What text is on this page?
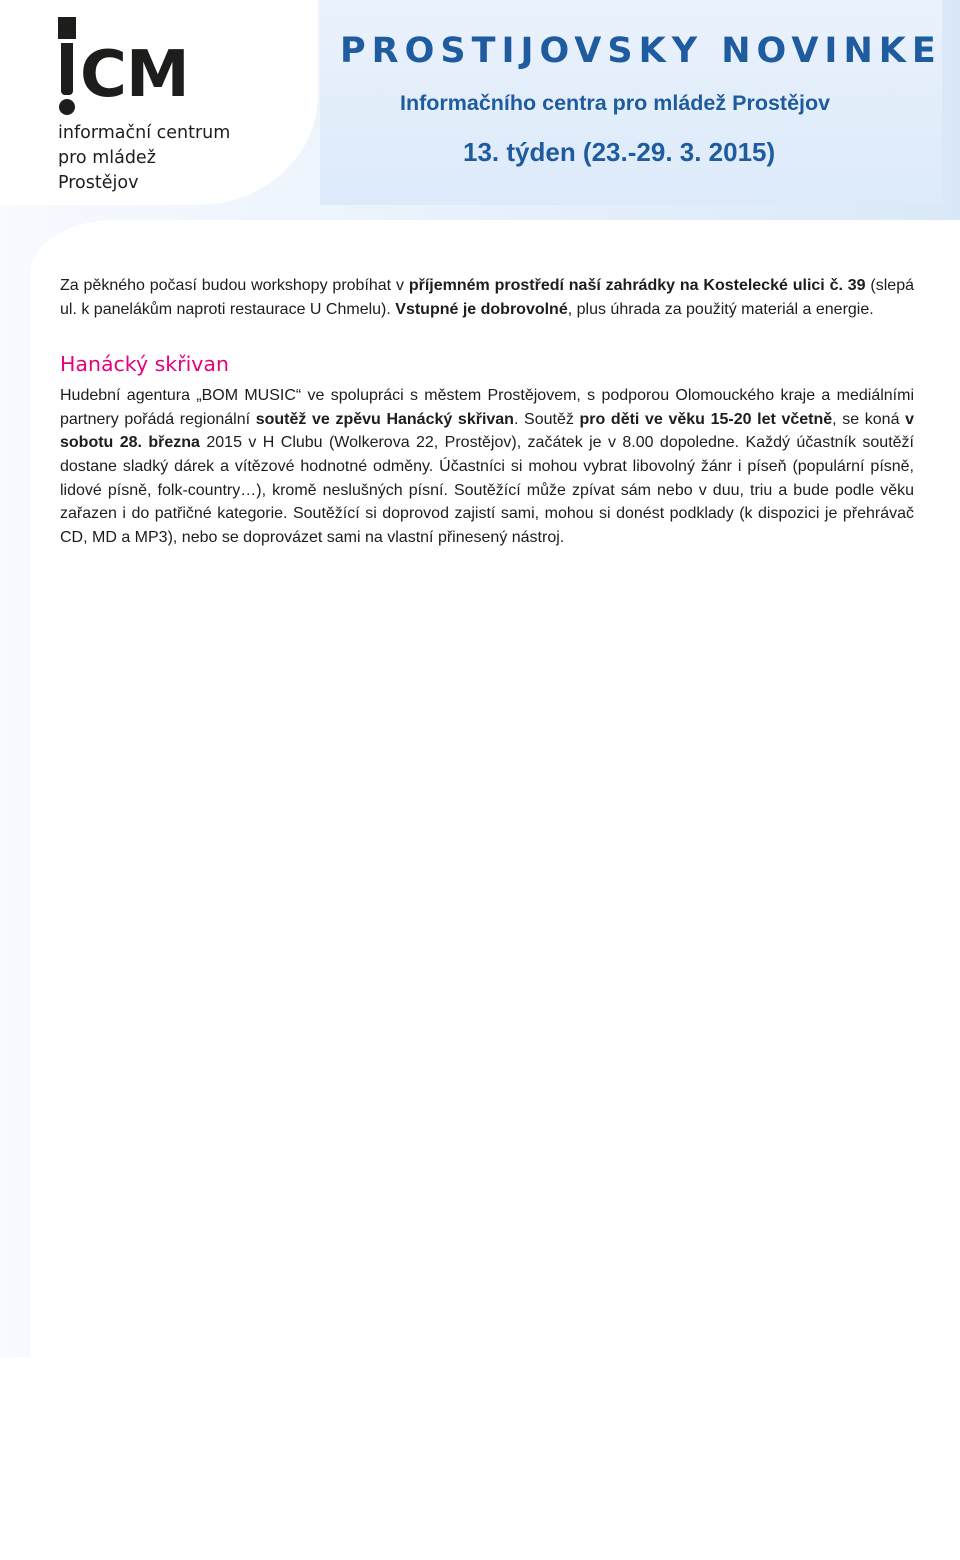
CM
informační centrum
pro mládež
Prostějov
PROSTIJOVSKY NOVINKE
Informačního centra pro mládež Prostějov
13. týden (23.-29. 3. 2015)

Za pěkného počasí budou workshopy probíhat v příjemném prostředí naší zahrádky na Kostelecké ulici č. 39 (slepá ul. k panelákům naproti restaurace U Chmelu). Vstupné je dobrovolné, plus úhrada za použitý materiál a energie.

Hanácký skřivan

Hudební agentura „BOM MUSIC“ ve spolupráci s městem Prostějovem, s podporou Olomouckého kraje a mediálními partnery pořádá regionální soutěž ve zpěvu Hanácký skřivan. Soutěž pro děti ve věku 15-20 let včetně, se koná v sobotu 28. března 2015 v H Clubu (Wolkerova 22, Prostějov), začátek je v 8.00 dopoledne. Každý účastník soutěží dostane sladký dárek a vítězové hodnotné odměny. Účastníci si mohou vybrat libovolný žánr i píseň (populární písně, lidové písně, folk-country…), kromě neslušných písní. Soutěžící může zpívat sám nebo v duu, triu a bude podle věku zařazen i do patřičné kategorie. Soutěžící si doprovod zajistí sami, mohou si donést podklady (k dispozici je přehrávač CD, MD a MP3), nebo se doprovázet sami na vlastní přinesený nástroj.
